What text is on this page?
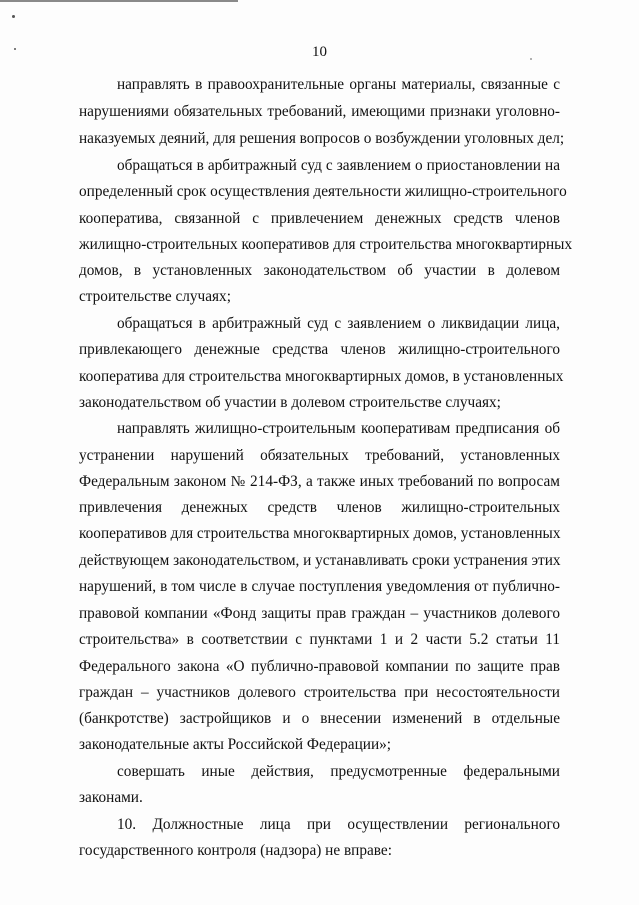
10
направлять в правоохранительные органы материалы, связанные с
нарушениями обязательных требований, имеющими признаки уголовно-
наказуемых деяний, для решения вопросов о возбуждении уголовных дел;
обращаться в арбитражный суд с заявлением о приостановлении на
определенный срок осуществления деятельности жилищно-строительного
кооператива, связанной с привлечением денежных средств членов
жилищно-строительных кооперативов для строительства многоквартирных
домов, в установленных законодательством об участии в долевом
строительстве случаях;
обращаться в арбитражный суд с заявлением о ликвидации лица,
привлекающего денежные средства членов жилищно-строительного
кооператива для строительства многоквартирных домов, в установленных
законодательством об участии в долевом строительстве случаях;
направлять жилищно-строительным кооперативам предписания об
устранении нарушений обязательных требований, установленных
Федеральным законом № 214-ФЗ, а также иных требований по вопросам
привлечения денежных средств членов жилищно-строительных
кооперативов для строительства многоквартирных домов, установленных
действующем законодательством, и устанавливать сроки устранения этих
нарушений, в том числе в случае поступления уведомления от публично-
правовой компании «Фонд защиты прав граждан – участников долевого
строительства» в соответствии с пунктами 1 и 2 части 5.2 статьи 11
Федерального закона «О публично-правовой компании по защите прав
граждан – участников долевого строительства при несостоятельности
(банкротстве) застройщиков и о внесении изменений в отдельные
законодательные акты Российской Федерации»;
совершать иные действия, предусмотренные федеральными
законами.
10. Должностные лица при осуществлении регионального
государственного контроля (надзора) не вправе:
